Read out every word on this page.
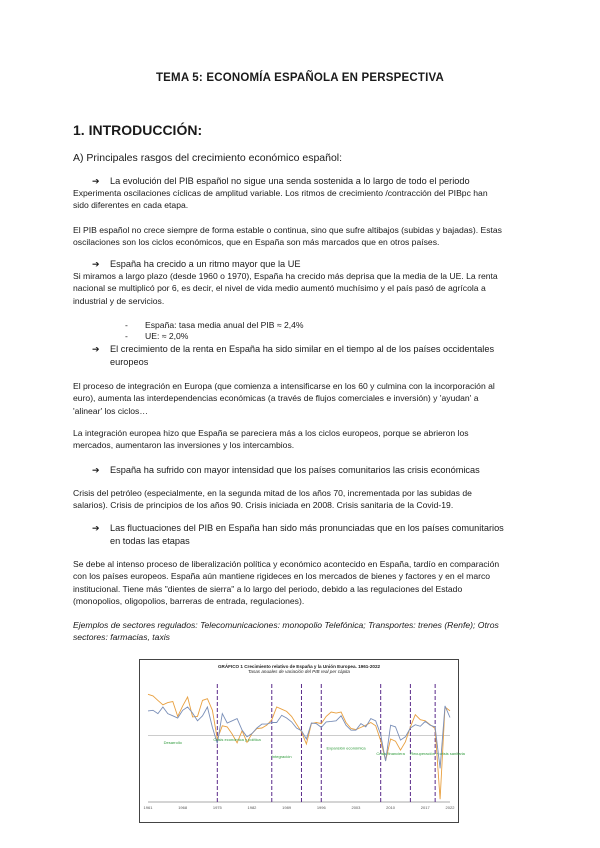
TEMA 5: ECONOMÍA ESPAÑOLA EN PERSPECTIVA
1. INTRODUCCIÓN:
A) Principales rasgos del crecimiento económico español:
➔ La evolución del PIB español no sigue una senda sostenida a lo largo de todo el periodo
Experimenta oscilaciones cíclicas de amplitud variable. Los ritmos de crecimiento /contracción del PIBpc han
sido diferentes en cada etapa.
El PIB español no crece siempre de forma estable o continua, sino que sufre altibajos (subidas y bajadas). Estas
oscilaciones son los ciclos económicos, que en España son más marcados que en otros países.
➔ España ha crecido a un ritmo mayor que la UE
Si miramos a largo plazo (desde 1960 o 1970), España ha crecido más deprisa que la media de la UE. La renta
nacional se multiplicó por 6, es decir, el nivel de vida medio aumentó muchísimo y el país pasó de agrícola a
industrial y de servicios.
- España: tasa media anual del PIB ≈ 2,4%
- UE: ≈ 2,0%
➔ El crecimiento de la renta en España ha sido similar en el tiempo al de los países occidentales
europeos
El proceso de integración en Europa (que comienza a intensificarse en los 60 y culmina con la incorporación al
euro), aumenta las interdependencias económicas (a través de flujos comerciales e inversión) y 'ayudan' a
'alinear' los ciclos…
La integración europea hizo que España se pareciera más a los ciclos europeos, porque se abrieron los
mercados, aumentaron las inversiones y los intercambios.
➔ España ha sufrido con mayor intensidad que los países comunitarios las crisis económicas
Crisis del petróleo (especialmente, en la segunda mitad de los años 70, incrementada por las subidas de
salarios). Crisis de principios de los años 90. Crisis iniciada en 2008. Crisis sanitaria de la Covid-19.
➔ Las fluctuaciones del PIB en España han sido más pronunciadas que en los países comunitarios
en todas las etapas
Se debe al intenso proceso de liberalización política y económico acontecido en España, tardío en comparación
con los países europeos. España aún mantiene rigideces en los mercados de bienes y factores y en el marco
institucional. Tiene más "dientes de sierra" a lo largo del periodo, debido a las regulaciones del Estado
(monopolios, oligopolios, barreras de entrada, regulaciones).
Ejemplos de sectores regulados: Telecomunicaciones: monopolio Telefónica; Transportes: trenes (Renfe); Otros
sectores: farmacias, taxis
GRÁFICO 1 Crecimiento relativo de España y la Unión Europea. 1961-2022
Tasas anuales de variación del PIB real per cápita
Desarrollo
Crisis económica y política
Integración
Expansión económica
Crisis financiera Recuperación + crisis sanitaria
1961	1968	1975	1982	1989	1996	2003	2010	2017	2022
